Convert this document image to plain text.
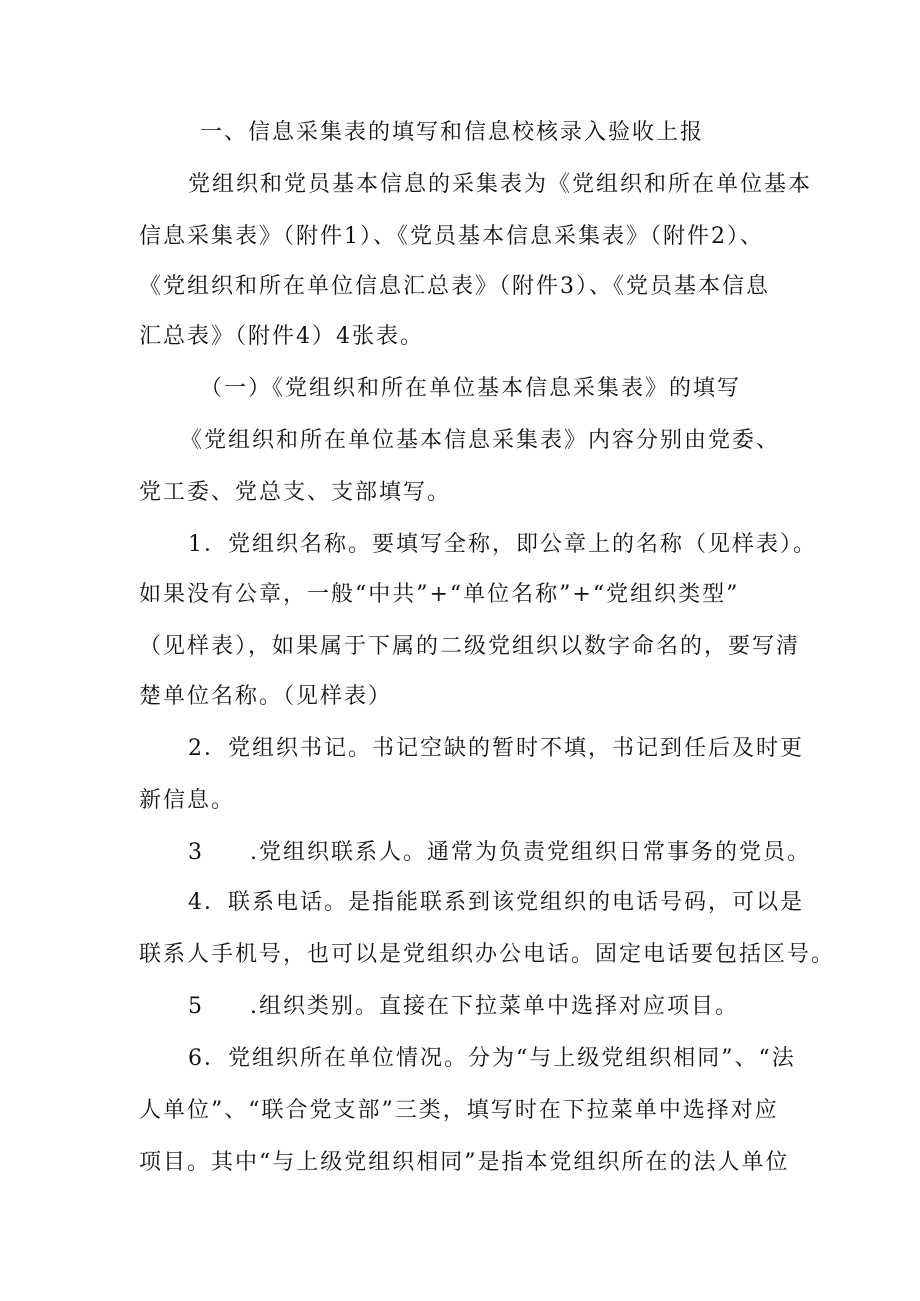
一、信息采集表的填写和信息校核录入验收上报
党组织和党员基本信息的采集表为《党组织和所在单位基本
信息采集表》（附件1）、《党员基本信息采集表》（附件2）、
《党组织和所在单位信息汇总表》（附件3）、《党员基本信息
汇总表》（附件4）4张表。
（一）《党组织和所在单位基本信息采集表》的填写
《党组织和所在单位基本信息采集表》内容分别由党委、
党工委、党总支、支部填写。
1．党组织名称。要填写全称，即公章上的名称（见样表）。
如果没有公章，一般“中共”+“单位名称”+“党组织类型”
（见样表），如果属于下属的二级党组织以数字命名的，要写清
楚单位名称。（见样表）
2．党组织书记。书记空缺的暂时不填，书记到任后及时更
新信息。
3 .党组织联系人。通常为负责党组织日常事务的党员。
4．联系电话。是指能联系到该党组织的电话号码，可以是
联系人手机号，也可以是党组织办公电话。固定电话要包括区号。
5 .组织类别。直接在下拉菜单中选择对应项目。
6．党组织所在单位情况。分为“与上级党组织相同”、“法
人单位”、“联合党支部”三类，填写时在下拉菜单中选择对应
项目。其中“与上级党组织相同”是指本党组织所在的法人单位
